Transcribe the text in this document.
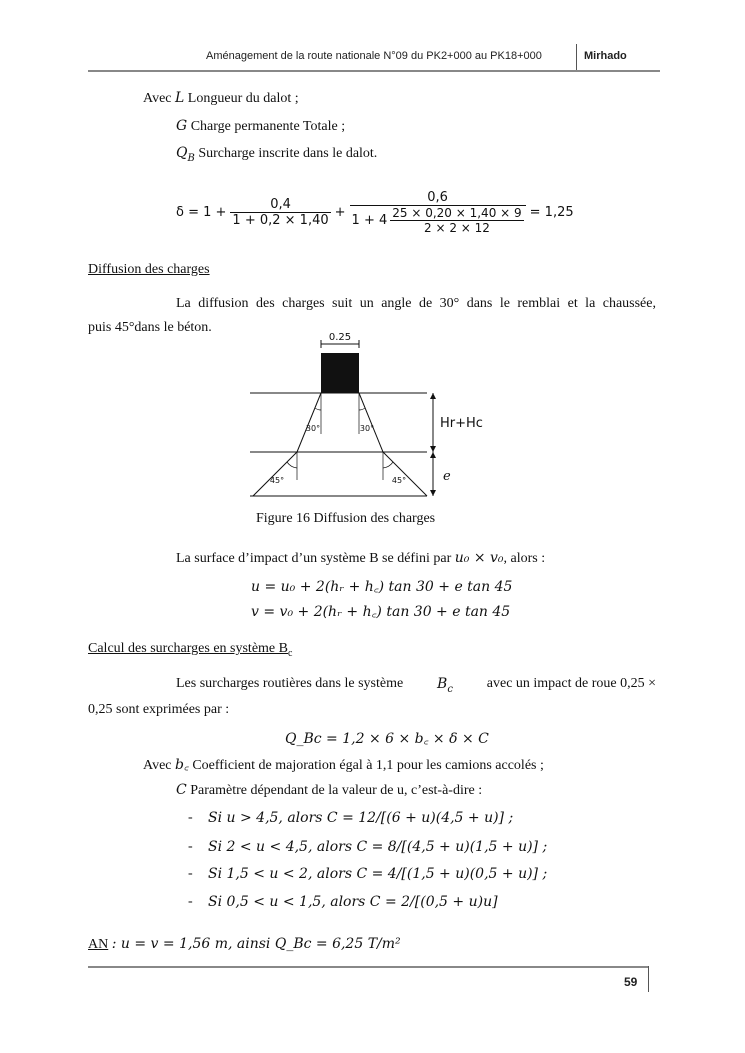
Aménagement de la route nationale N°09 du PK2+000 au PK18+000	Mirhado
Avec L Longueur du dalot ;
G Charge permanente Totale ;
$Q_B$ Surcharge inscrite dans le dalot.
$\delta = 1 + \frac{0,4}{1 + 0,2 \times 1,40} + \frac{0,6}{1 + 4 \frac{25 \times 0,20 \times 1,40 \times 9}{2 \times 2 \times 12}} = 1,25$
Diffusion des charges
La diffusion des charges suit un angle de 30° dans le remblai et la chaussée,
puis 45°dans le béton.
0.25
30°	30°
45°	45°
Hr+Hc
e
Figure 16 Diffusion des charges
La surface d’impact d’un système B se défini par u₀ × v₀, alors :
u = u₀ + 2(hᵣ + h꜀) tan 30 + e tan 45
v = v₀ + 2(hᵣ + h꜀) tan 30 + e tan 45
Calcul des surcharges en système $B_c$
Les surcharges routières dans le système $B_c$ avec un impact de roue 0,25 ×
0,25 sont exprimées par :
Q_Bc = 1,2 × 6 × b꜀ × δ × C
Avec b꜀ Coefficient de majoration égal à 1,1 pour les camions accolés ;
C Paramètre dépendant de la valeur de u, c’est-à-dire :
- Si u > 4,5, alors C = 12/[(6 + u)(4,5 + u)] ;
- Si 2 < u < 4,5, alors C = 8/[(4,5 + u)(1,5 + u)] ;
- Si 1,5 < u < 2, alors C = 4/[(1,5 + u)(0,5 + u)] ;
- Si 0,5 < u < 1,5, alors C = 2/[(0,5 + u)u]
AN : u = v = 1,56 m, ainsi Q_Bc = 6,25 T/m²
59
